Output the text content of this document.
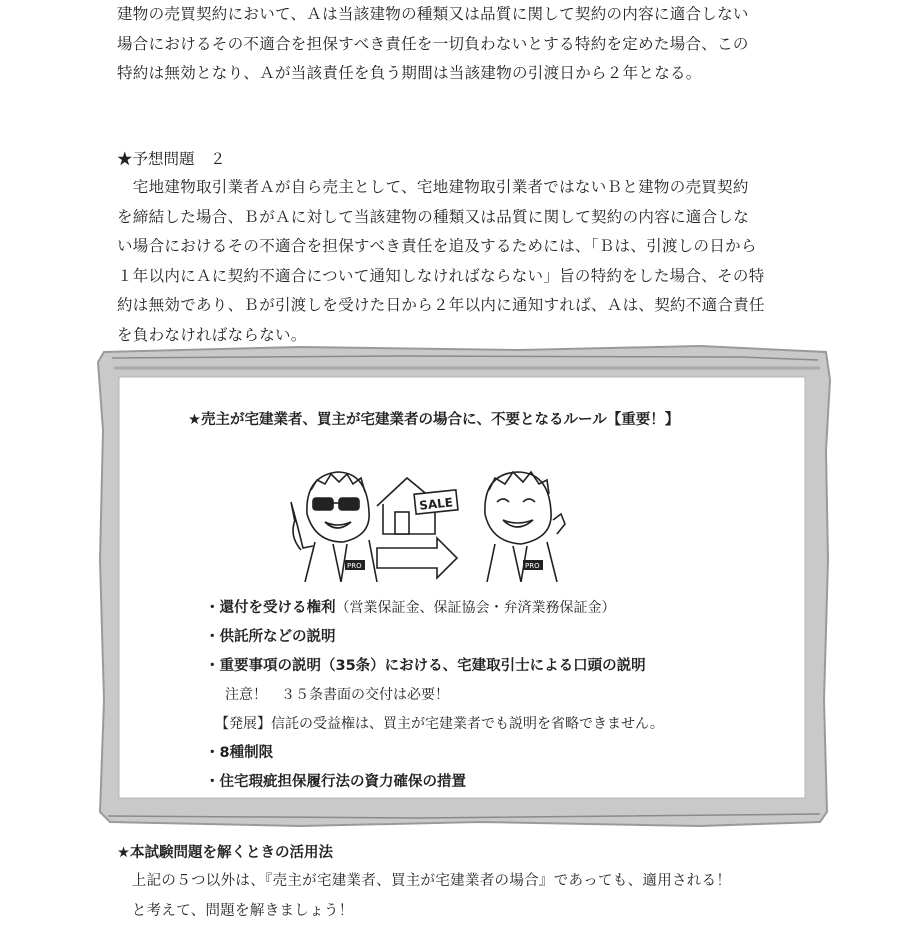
建物の売買契約において、Ａは当該建物の種類又は品質に関して契約の内容に適合しない
場合におけるその不適合を担保すべき責任を一切負わないとする特約を定めた場合、この
特約は無効となり、Ａが当該責任を負う期間は当該建物の引渡日から２年となる。
★予想問題　２
　宅地建物取引業者Ａが自ら売主として、宅地建物取引業者ではないＢと建物の売買契約
を締結した場合、ＢがＡに対して当該建物の種類又は品質に関して契約の内容に適合しな
い場合におけるその不適合を担保すべき責任を追及するためには、「Ｂは、引渡しの日から
１年以内にＡに契約不適合について通知しなければならない」旨の特約をした場合、その特
約は無効であり、Ｂが引渡しを受けた日から２年以内に通知すれば、Ａは、契約不適合責任
を負わなければならない。
★売主が宅建業者、買主が宅建業者の場合に、不要となるルール【重要！】
PRO
SALE
PRO
・還付を受ける権利（営業保証金、保証協会・弁済業務保証金）
・供託所などの説明
・重要事項の説明（35条）における、宅建取引士による口頭の説明
注意！　３５条書面の交付は必要！
【発展】信託の受益権は、買主が宅建業者でも説明を省略できません。
・8種制限
・住宅瑕疵担保履行法の資力確保の措置
★本試験問題を解くときの活用法
　上記の５つ以外は、『売主が宅建業者、買主が宅建業者の場合』であっても、適用される！
　と考えて、問題を解きましょう！
